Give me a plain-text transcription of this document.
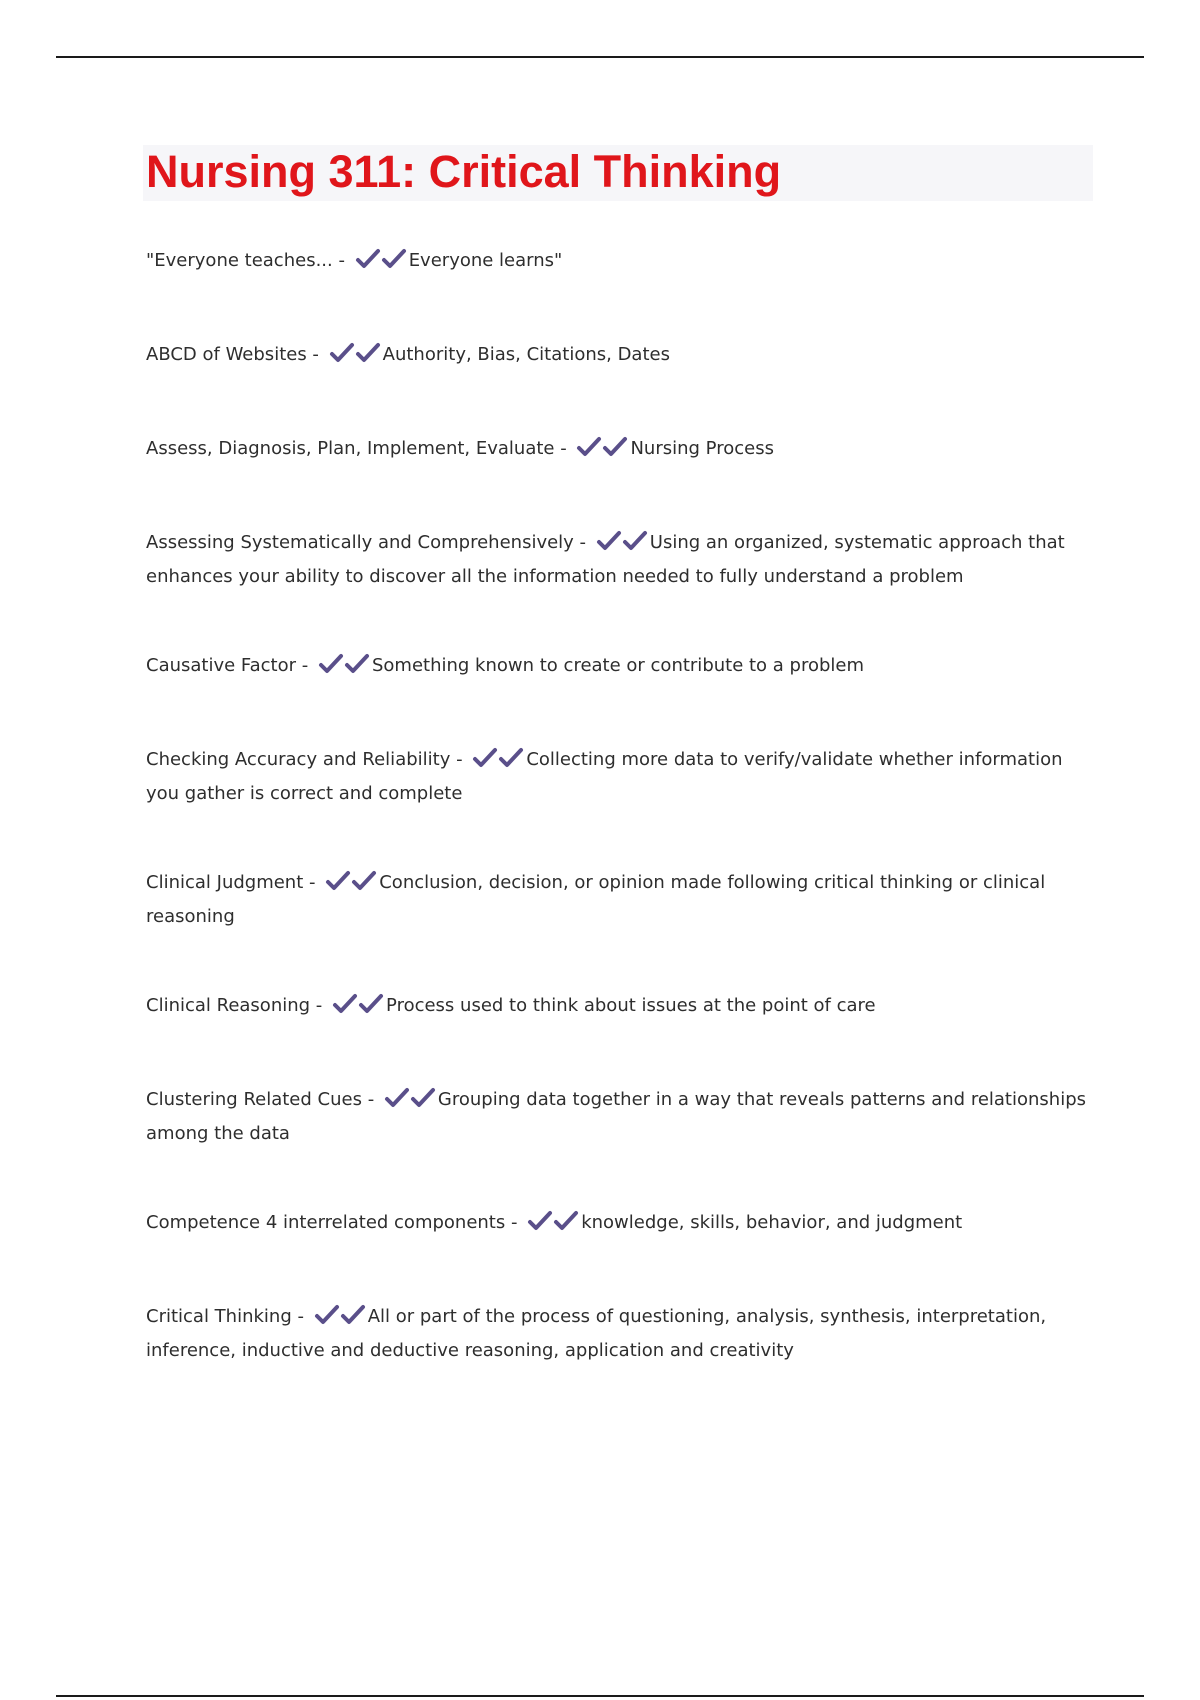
Nursing 311: Critical Thinking
"Everyone teaches... -	Everyone learns"
ABCD of Websites -	Authority, Bias, Citations, Dates
Assess, Diagnosis, Plan, Implement, Evaluate -	Nursing Process
Assessing Systematically and Comprehensively -	Using an organized, systematic approach that enhances your ability to discover all the information needed to fully understand a problem
Causative Factor -	Something known to create or contribute to a problem
Checking Accuracy and Reliability -	Collecting more data to verify/validate whether information you gather is correct and complete
Clinical Judgment -	Conclusion, decision, or opinion made following critical thinking or clinical reasoning
Clinical Reasoning -	Process used to think about issues at the point of care
Clustering Related Cues -	Grouping data together in a way that reveals patterns and relationships among the data
Competence 4 interrelated components -	knowledge, skills, behavior, and judgment
Critical Thinking -	All or part of the process of questioning, analysis, synthesis, interpretation, inference, inductive and deductive reasoning, application and creativity
